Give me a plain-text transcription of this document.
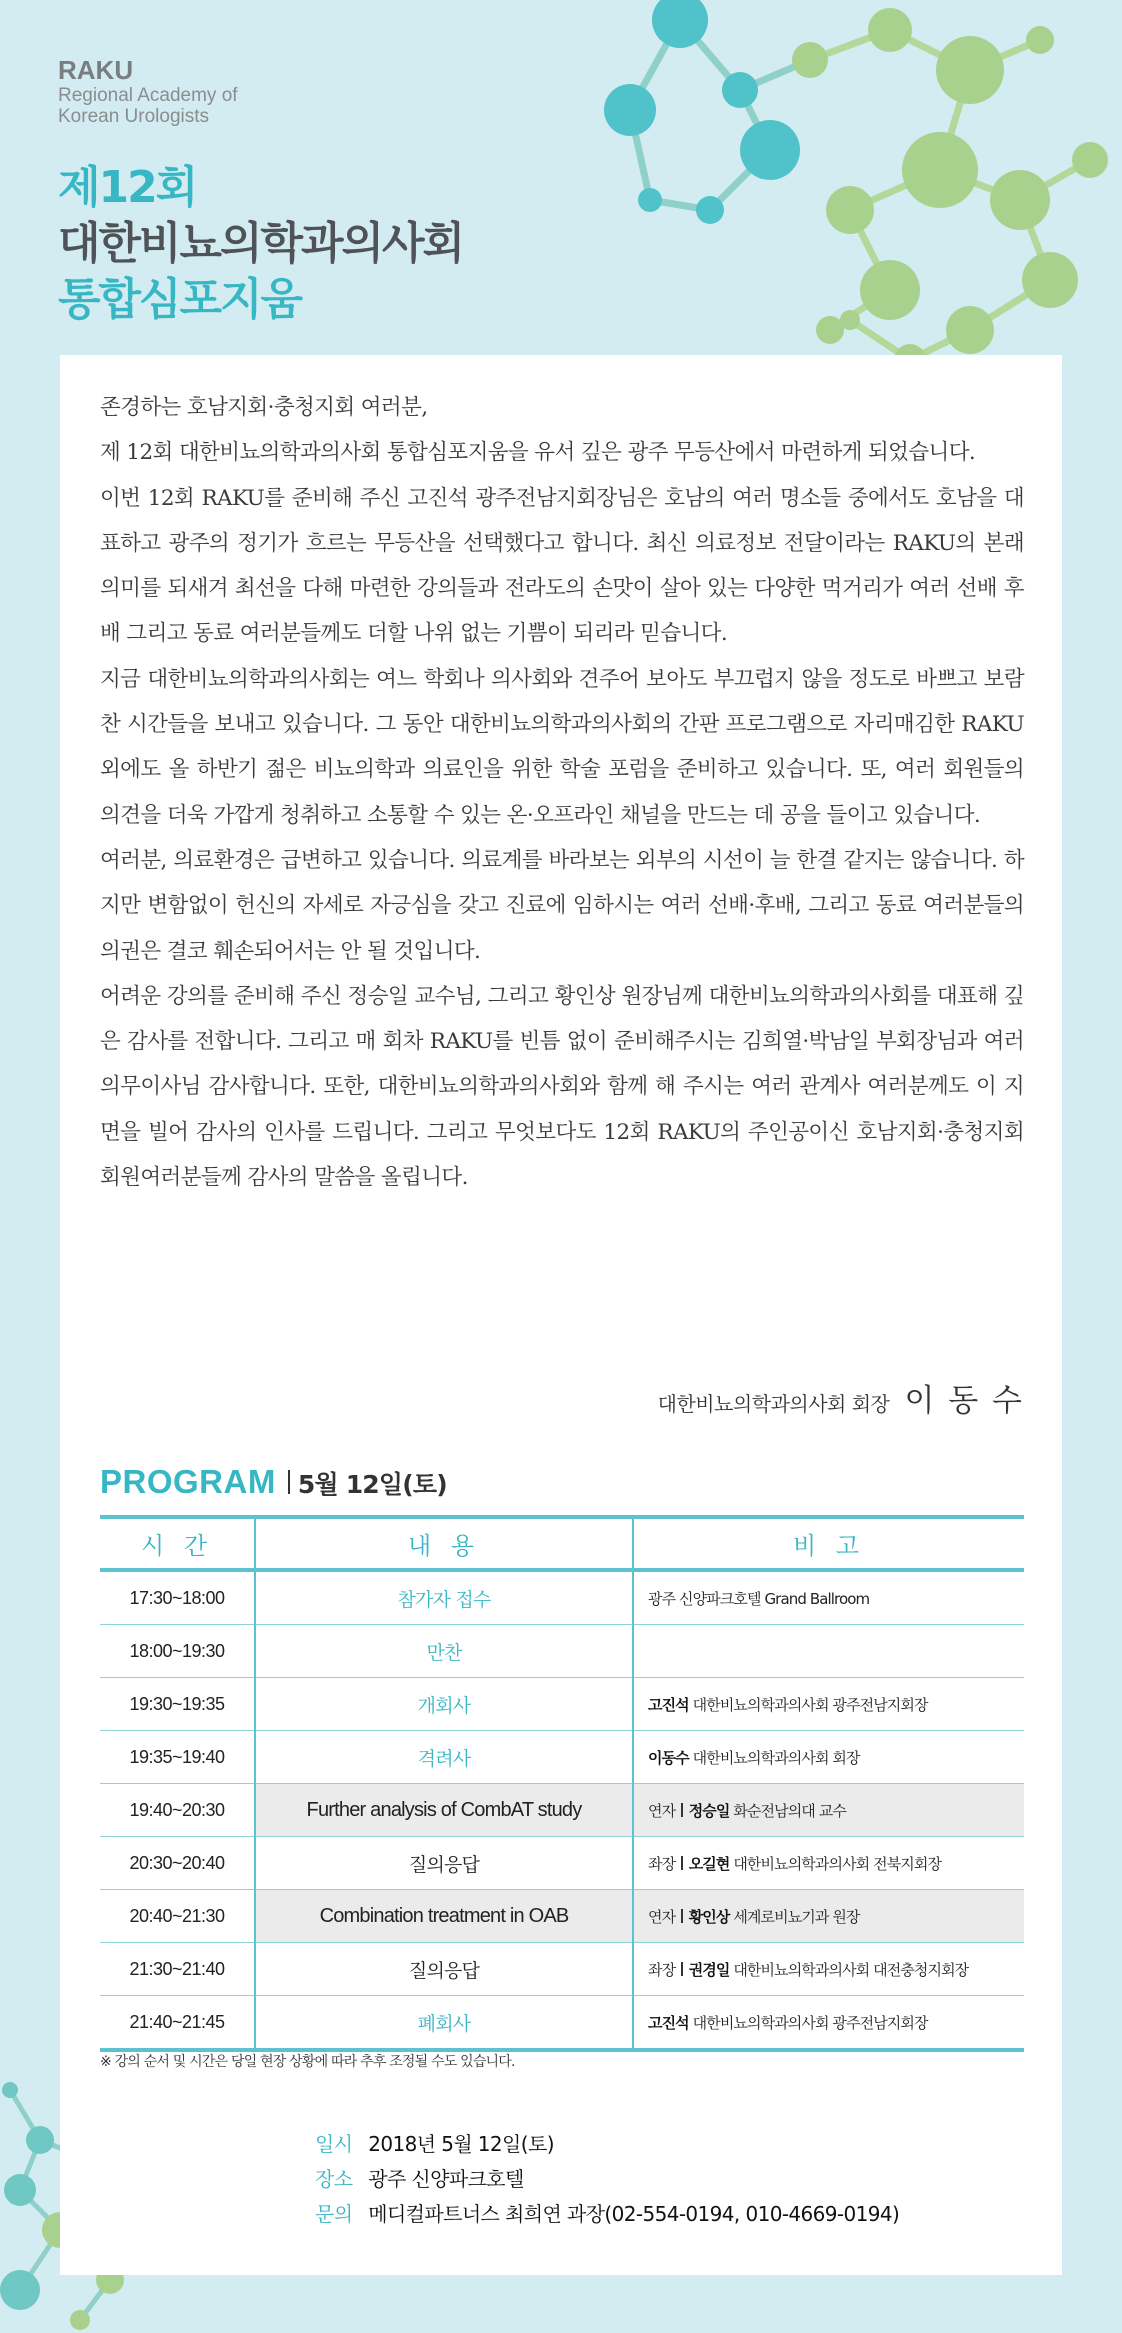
RAKU
Regional Academy of
Korean Urologists
제12회
대한비뇨의학과의사회
통합심포지움

존경하는 호남지회·충청지회 여러분,

제 12회 대한비뇨의학과의사회 통합심포지움을 유서 깊은 광주 무등산에서 마련하게 되었습니다.

이번 12회 RAKU를 준비해 주신 고진석 광주전남지회장님은 호남의 여러 명소들 중에서도 호남을 대표하고 광주의 정기가 흐르는 무등산을 선택했다고 합니다. 최신 의료정보 전달이라는 RAKU의 본래 의미를 되새겨 최선을 다해 마련한 강의들과 전라도의 손맛이 살아 있는 다양한 먹거리가 여러 선배 후배 그리고 동료 여러분들께도 더할 나위 없는 기쁨이 되리라 믿습니다.

지금 대한비뇨의학과의사회는 여느 학회나 의사회와 견주어 보아도 부끄럽지 않을 정도로 바쁘고 보람찬 시간들을 보내고 있습니다. 그 동안 대한비뇨의학과의사회의 간판 프로그램으로 자리매김한 RAKU 외에도 올 하반기 젊은 비뇨의학과 의료인을 위한 학술 포럼을 준비하고 있습니다. 또, 여러 회원들의 의견을 더욱 가깝게 청취하고 소통할 수 있는 온·오프라인 채널을 만드는 데 공을 들이고 있습니다.

여러분, 의료환경은 급변하고 있습니다. 의료계를 바라보는 외부의 시선이 늘 한결 같지는 않습니다. 하지만 변함없이 헌신의 자세로 자긍심을 갖고 진료에 임하시는 여러 선배·후배, 그리고 동료 여러분들의 의권은 결코 훼손되어서는 안 될 것입니다.

어려운 강의를 준비해 주신 정승일 교수님, 그리고 황인상 원장님께 대한비뇨의학과의사회를 대표해 깊은 감사를 전합니다. 그리고 매 회차 RAKU를 빈틈 없이 준비해주시는 김희열·박남일 부회장님과 여러 의무이사님 감사합니다. 또한, 대한비뇨의학과의사회와 함께 해 주시는 여러 관계사 여러분께도 이 지면을 빌어 감사의 인사를 드립니다. 그리고 무엇보다도 12회 RAKU의 주인공이신 호남지회·충청지회 회원여러분들께 감사의 말씀을 올립니다.

대한비뇨의학과의사회 회장 이 동 수
PROGRAM 5월 12일(토)
시 간	내 용	비 고
17:30~18:00	참가자 접수	광주 신양파크호텔 Grand Ballroom
18:00~19:30	만찬	
19:30~19:35	개회사	고진석 대한비뇨의학과의사회 광주전남지회장
19:35~19:40	격려사	이동수 대한비뇨의학과의사회 회장
19:40~20:30	Further analysis of CombAT study	연자 정승일 화순전남의대 교수
20:30~20:40	질의응답	좌장 오길현 대한비뇨의학과의사회 전북지회장
20:40~21:30	Combination treatment in OAB	연자 황인상 세계로비뇨기과 원장
21:30~21:40	질의응답	좌장 권경일 대한비뇨의학과의사회 대전충청지회장
21:40~21:45	폐회사	고진석 대한비뇨의학과의사회 광주전남지회장
※ 강의 순서 및 시간은 당일 현장 상황에 따라 추후 조정될 수도 있습니다.
일시 2018년 5월 12일(토)
장소 광주 신양파크호텔
문의 메디컬파트너스 최희연 과장(02-554-0194, 010-4669-0194)
